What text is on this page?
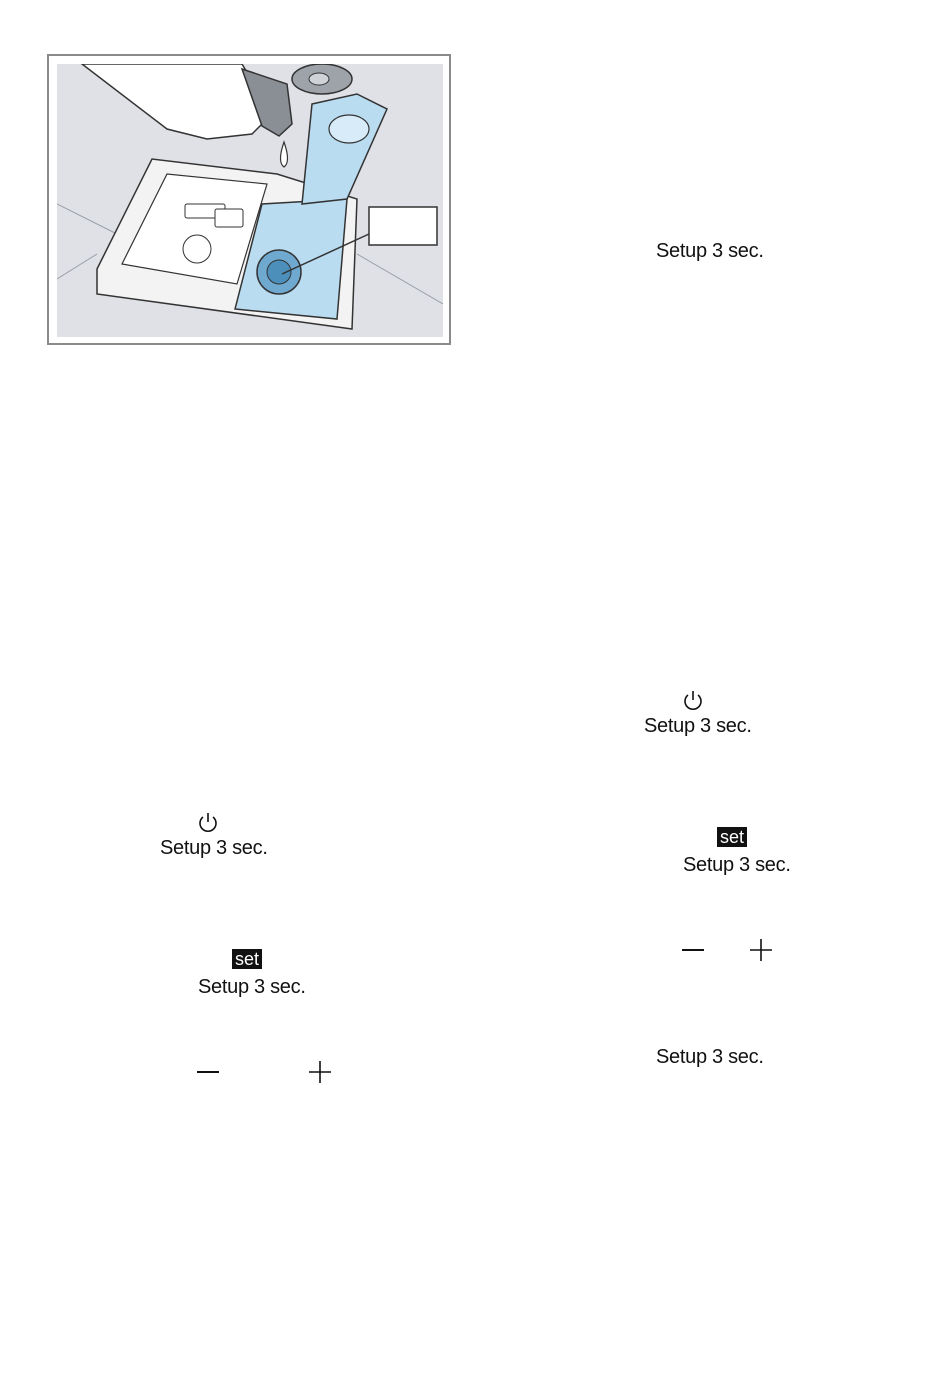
Setup 3 sec.
Setup 3 sec.
set
Setup 3 sec.
Setup 3 sec.
Setup 3 sec.
set
Setup 3 sec.
